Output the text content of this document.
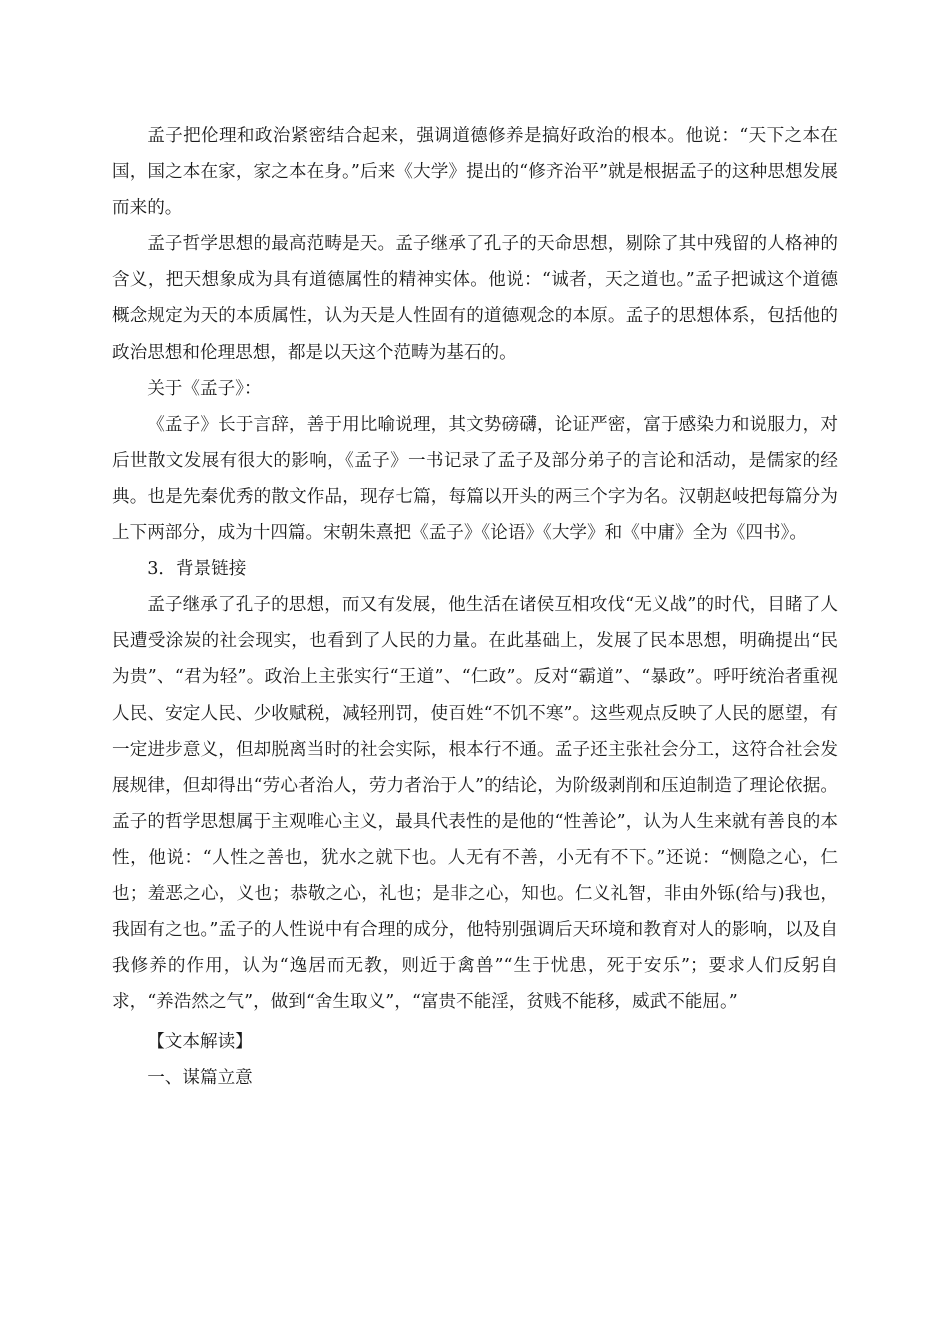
孟子把伦理和政治紧密结合起来，强调道德修养是搞好政治的根本。他说：“天下之本在国，国之本在家，家之本在身。”后来《大学》提出的“修齐治平”就是根据孟子的这种思想发展而来的。

孟子哲学思想的最高范畴是天。孟子继承了孔子的天命思想，剔除了其中残留的人格神的含义，把天想象成为具有道德属性的精神实体。他说：“诚者，天之道也。”孟子把诚这个道德概念规定为天的本质属性，认为天是人性固有的道德观念的本原。孟子的思想体系，包括他的政治思想和伦理思想，都是以天这个范畴为基石的。

关于《孟子》：

《孟子》长于言辞，善于用比喻说理，其文势磅礴，论证严密，富于感染力和说服力，对后世散文发展有很大的影响，《孟子》一书记录了孟子及部分弟子的言论和活动，是儒家的经典。也是先秦优秀的散文作品，现存七篇，每篇以开头的两三个字为名。汉朝赵岐把每篇分为上下两部分，成为十四篇。宋朝朱熹把《孟子》《论语》《大学》和《中庸》全为《四书》。

3．背景链接

孟子继承了孔子的思想，而又有发展，他生活在诸侯互相攻伐“无义战”的时代，目睹了人民遭受涂炭的社会现实，也看到了人民的力量。在此基础上，发展了民本思想，明确提出“民为贵”、“君为轻”。政治上主张实行“王道”、“仁政”。反对“霸道”、“暴政”。呼吁统治者重视人民、安定人民、少收赋税，减轻刑罚，使百姓“不饥不寒”。这些观点反映了人民的愿望，有一定进步意义，但却脱离当时的社会实际，根本行不通。孟子还主张社会分工，这符合社会发展规律，但却得出“劳心者治人，劳力者治于人”的结论，为阶级剥削和压迫制造了理论依据。孟子的哲学思想属于主观唯心主义，最具代表性的是他的“性善论”，认为人生来就有善良的本性，他说：“人性之善也，犹水之就下也。人无有不善，小无有不下。”还说：“恻隐之心，仁也；羞恶之心，义也；恭敬之心，礼也；是非之心，知也。仁义礼智，非由外铄(给与)我也，我固有之也。”孟子的人性说中有合理的成分，他特别强调后天环境和教育对人的影响，以及自我修养的作用，认为“逸居而无教，则近于禽兽”“生于忧患，死于安乐”；要求人们反躬自求，“养浩然之气”，做到“舍生取义”，“富贵不能淫，贫贱不能移，威武不能屈。”

【文本解读】

一、谋篇立意
